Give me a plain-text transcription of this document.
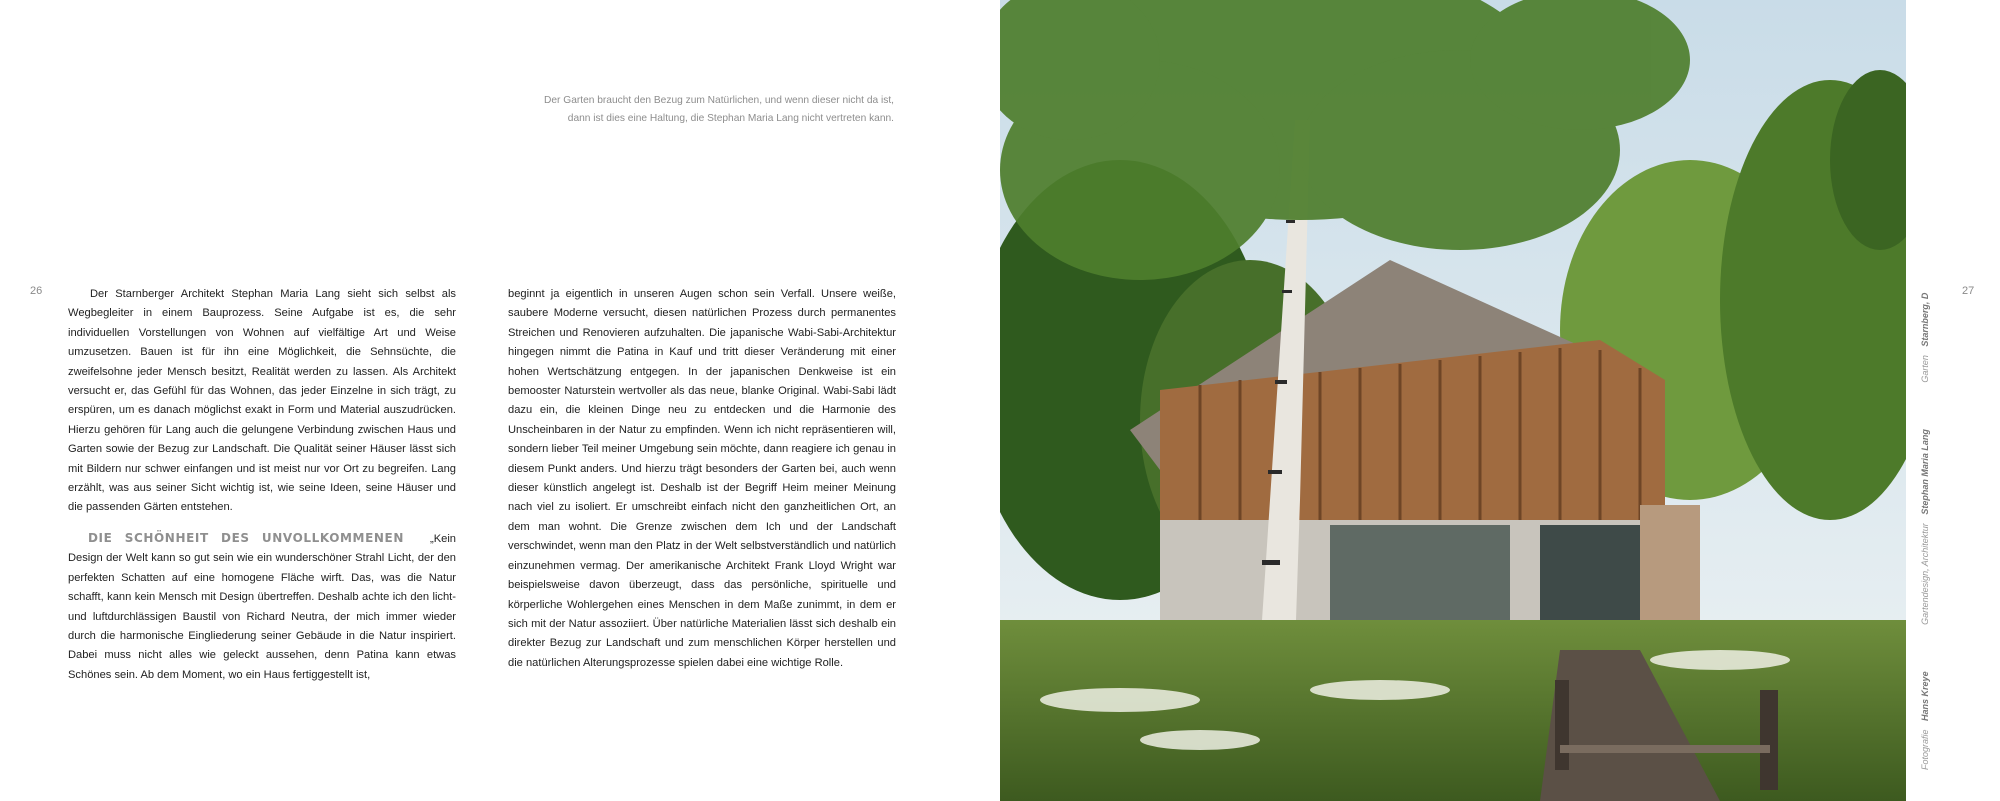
26	27
Der Garten braucht den Bezug zum Natürlichen, und wenn dieser nicht da ist,
dann ist dies eine Haltung, die Stephan Maria Lang nicht vertreten kann.

Der Starnberger Architekt Stephan Maria Lang sieht sich selbst als Wegbegleiter in einem Bauprozess. Seine Aufgabe ist es, die sehr individuellen Vorstellungen von Wohnen auf vielfältige Art und Weise umzusetzen. Bauen ist für ihn eine Möglichkeit, die Sehnsüchte, die zweifelsohne jeder Mensch besitzt, Realität werden zu lassen. Als Architekt versucht er, das Gefühl für das Wohnen, das jeder Einzelne in sich trägt, zu erspüren, um es danach möglichst exakt in Form und Material auszudrücken. Hierzu gehören für Lang auch die gelungene Verbindung zwischen Haus und Garten sowie der Bezug zur Landschaft. Die Qualität seiner Häuser lässt sich mit Bildern nur schwer einfangen und ist meist nur vor Ort zu begreifen. Lang erzählt, was aus seiner Sicht wichtig ist, wie seine Ideen, seine Häuser und die passenden Gärten entstehen.

DIE SCHÖNHEIT DES UNVOLLKOMMENEN „Kein Design der Welt kann so gut sein wie ein wunderschöner Strahl Licht, der den perfekten Schatten auf eine homogene Fläche wirft. Das, was die Natur schafft, kann kein Mensch mit Design übertreffen. Deshalb achte ich den licht- und luftdurchlässigen Baustil von Richard Neutra, der mich immer wieder durch die harmonische Eingliederung seiner Gebäude in die Natur inspiriert. Dabei muss nicht alles wie geleckt aussehen, denn Patina kann etwas Schönes sein. Ab dem Moment, wo ein Haus fertiggestellt ist,

beginnt ja eigentlich in unseren Augen schon sein Verfall. Unsere weiße, saubere Moderne versucht, diesen natürlichen Prozess durch permanentes Streichen und Renovieren aufzuhalten. Die japanische Wabi-Sabi-Architektur hingegen nimmt die Patina in Kauf und tritt dieser Veränderung mit einer hohen Wertschätzung entgegen. In der japanischen Denkweise ist ein bemooster Naturstein wertvoller als das neue, blanke Original. Wabi-Sabi lädt dazu ein, die kleinen Dinge neu zu entdecken und die Harmonie des Unscheinbaren in der Natur zu empfinden. Wenn ich nicht repräsentieren will, sondern lieber Teil meiner Umgebung sein möchte, dann reagiere ich genau in diesem Punkt anders. Und hierzu trägt besonders der Garten bei, auch wenn dieser künstlich angelegt ist. Deshalb ist der Begriff Heim meiner Meinung nach viel zu isoliert. Er umschreibt einfach nicht den ganzheitlichen Ort, an dem man wohnt. Die Grenze zwischen dem Ich und der Landschaft verschwindet, wenn man den Platz in der Welt selbstverständlich und natürlich einzunehmen vermag. Der amerikanische Architekt Frank Lloyd Wright war beispielsweise davon überzeugt, dass das persönliche, spirituelle und körperliche Wohlergehen eines Menschen in dem Maße zunimmt, in dem er sich mit der Natur assoziiert. Über natürliche Materialien lässt sich deshalb ein direkter Bezug zur Landschaft und zum menschlichen Körper herstellen und die natürlichen Alterungsprozesse spielen dabei eine wichtige Rolle.

Fotografie Hans Kreye Gartendesign, Architektur Stephan Maria Lang Garten Starnberg, D
